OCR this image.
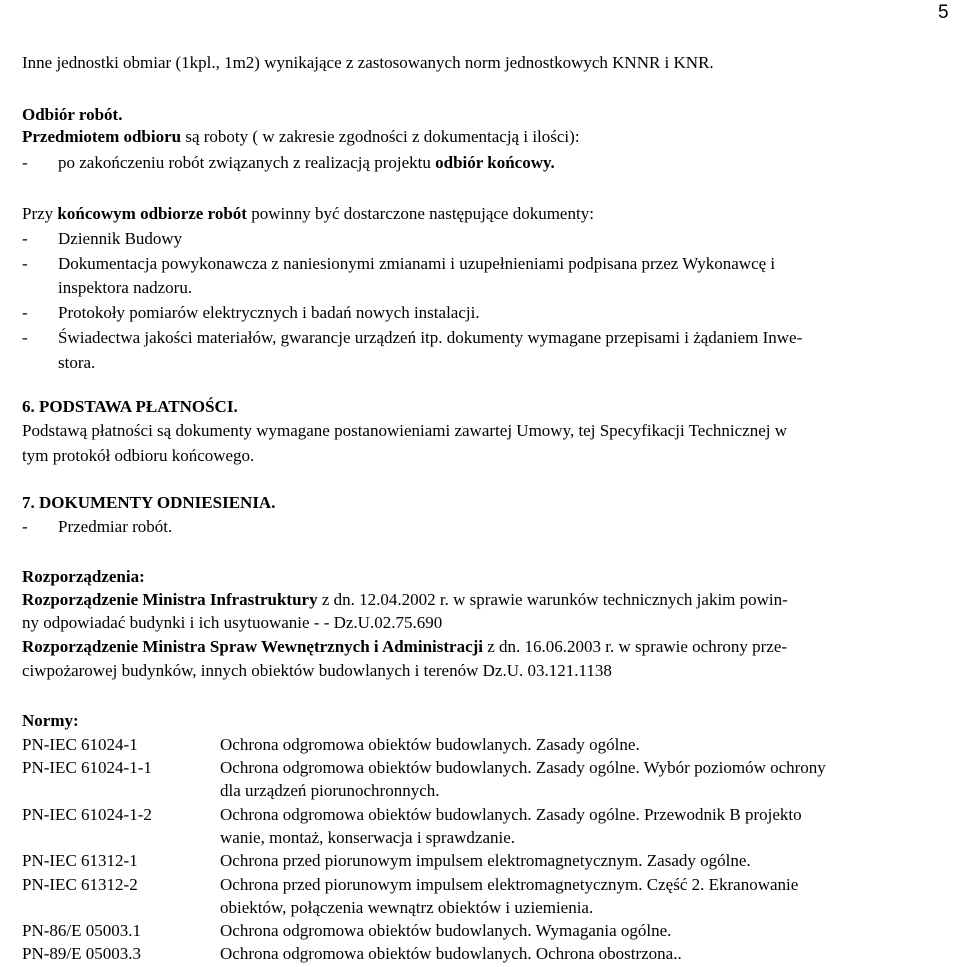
5
Inne jednostki obmiar (1kpl., 1m2) wynikające z zastosowanych norm jednostkowych KNNR i KNR.
Odbiór robót.
Przedmiotem odbioru są roboty ( w zakresie zgodności z dokumentacją i ilości):
- po zakończeniu robót związanych z realizacją projektu odbiór końcowy.
Przy końcowym odbiorze robót powinny być dostarczone następujące dokumenty:
- Dziennik Budowy
- Dokumentacja powykonawcza z naniesionymi zmianami i uzupełnieniami podpisana przez Wykonawcę i
inspektora nadzoru.
- Protokoły pomiarów elektrycznych i badań nowych instalacji.
- Świadectwa jakości materiałów, gwarancje urządzeń itp. dokumenty wymagane przepisami i żądaniem Inwe-
stora.
6. PODSTAWA PŁATNOŚCI.
Podstawą płatności są dokumenty wymagane postanowieniami zawartej Umowy, tej Specyfikacji Technicznej w
tym protokół odbioru końcowego.
7. DOKUMENTY ODNIESIENIA.
- Przedmiar robót.
Rozporządzenia:
Rozporządzenie Ministra Infrastruktury z dn. 12.04.2002 r. w sprawie warunków technicznych jakim powin-
ny odpowiadać budynki i ich usytuowanie - - Dz.U.02.75.690
Rozporządzenie Ministra Spraw Wewnętrznych i Administracji z dn. 16.06.2003 r. w sprawie ochrony prze-
ciwpożarowej budynków, innych obiektów budowlanych i terenów Dz.U. 03.121.1138
Normy:
PN-IEC 61024-1	Ochrona odgromowa obiektów budowlanych. Zasady ogólne.
PN-IEC 61024-1-1	Ochrona odgromowa obiektów budowlanych. Zasady ogólne. Wybór poziomów ochrony
dla urządzeń piorunochronnych.
PN-IEC 61024-1-2	Ochrona odgromowa obiektów budowlanych. Zasady ogólne. Przewodnik B projekto
wanie, montaż, konserwacja i sprawdzanie.
PN-IEC 61312-1	Ochrona przed piorunowym impulsem elektromagnetycznym. Zasady ogólne.
PN-IEC 61312-2	Ochrona przed piorunowym impulsem elektromagnetycznym. Część 2. Ekranowanie
obiektów, połączenia wewnątrz obiektów i uziemienia.
PN-86/E 05003.1	Ochrona odgromowa obiektów budowlanych. Wymagania ogólne.
PN-89/E 05003.3	Ochrona odgromowa obiektów budowlanych. Ochrona obostrzona..
